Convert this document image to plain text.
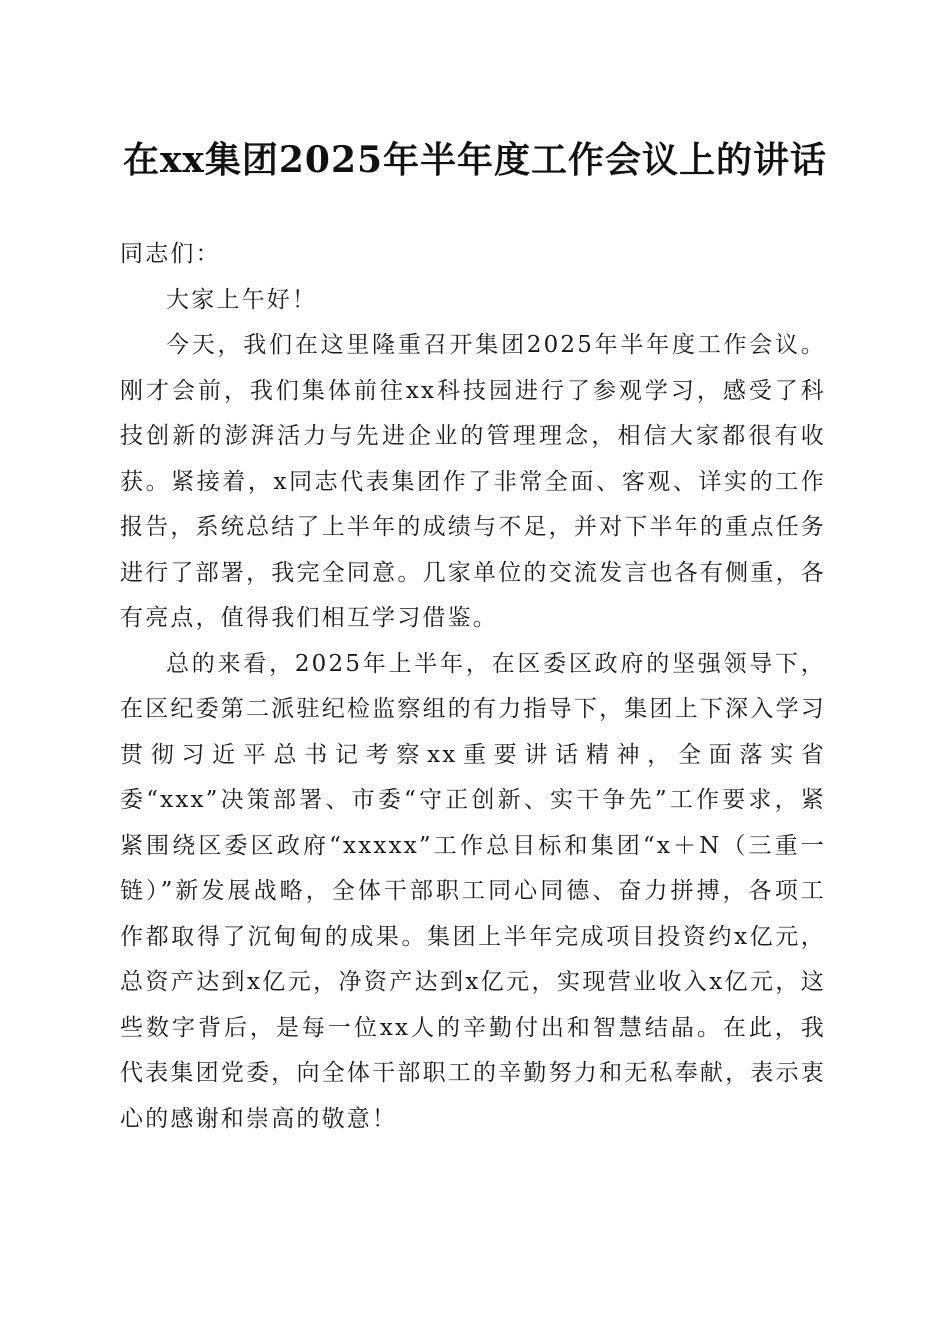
在xx集团2025年半年度工作会议上的讲话

同志们：

大家上午好！

今天，我们在这里隆重召开集团2025年半年度工作会议。刚才会前，我们集体前往xx科技园进行了参观学习，感受了科技创新的澎湃活力与先进企业的管理理念，相信大家都很有收获。紧接着，x同志代表集团作了非常全面、客观、详实的工作报告，系统总结了上半年的成绩与不足，并对下半年的重点任务进行了部署，我完全同意。几家单位的交流发言也各有侧重，各有亮点，值得我们相互学习借鉴。

总的来看，2025年上半年，在区委区政府的坚强领导下，在区纪委第二派驻纪检监察组的有力指导下，集团上下深入学习贯彻习近平总书记考察xx重要讲话精神，全面落实省委“xxx”决策部署、市委“守正创新、实干争先”工作要求，紧紧围绕区委区政府“xxxxx”工作总目标和集团“x＋N（三重一链）”新发展战略，全体干部职工同心同德、奋力拼搏，各项工作都取得了沉甸甸的成果。集团上半年完成项目投资约x亿元，总资产达到x亿元，净资产达到x亿元，实现营业收入x亿元，这些数字背后，是每一位xx人的辛勤付出和智慧结晶。在此，我代表集团党委，向全体干部职工的辛勤努力和无私奉献，表示衷心的感谢和崇高的敬意！
